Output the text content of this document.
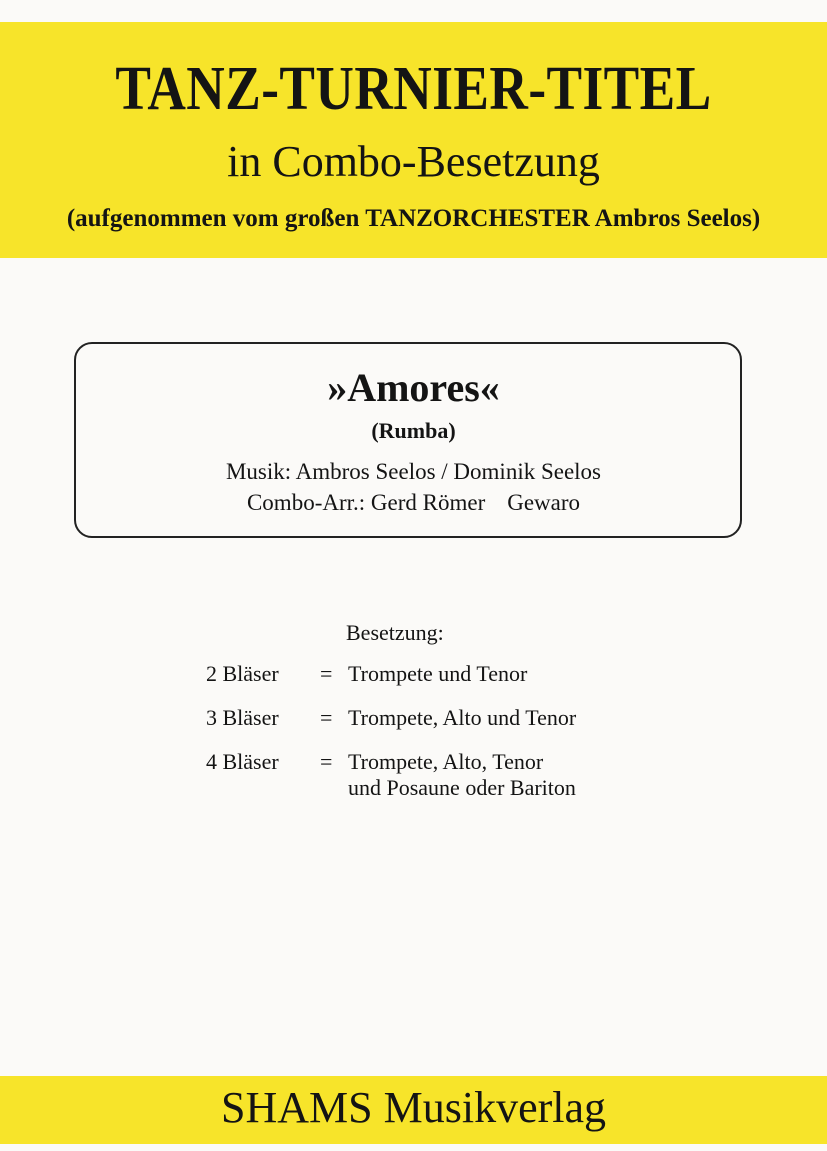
TANZ-TURNIER-TITEL
in Combo-Besetzung
(aufgenommen vom großen TANZORCHESTER Ambros Seelos)
»Amores«
(Rumba)
Musik: Ambros Seelos / Dominik Seelos
Combo-Arr.: Gerd Römer Gewaro
Besetzung:
2 Bläser = Trompete und Tenor
3 Bläser = Trompete, Alto und Tenor
4 Bläser = Trompete, Alto, Tenor
und Posaune oder Bariton
SHAMS Musikverlag
